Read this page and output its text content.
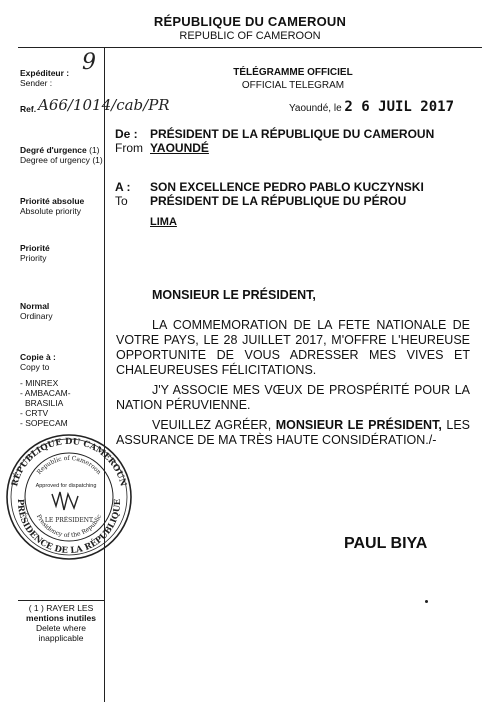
RÉPUBLIQUE DU CAMEROUN
REPUBLIC OF CAMEROON
Expéditeur : 9
Sender :
Ref. A66/1014/cab/PR
Degré d'urgence (1)
Degree of urgency (1)
Priorité absolue
Absolute priority
Priorité
Priority
Normal
Ordinary
Copie à :
Copy to
- MINREX
- AMBACAM-
BRASILIA
- CRTV
- SOPECAM
RÉPUBLIQUE DU CAMEROUN
PRÉSIDENCE DE LA RÉPUBLIQUE
Republic of Cameroon
Presidency of the Republic
Approved for dispatching
LE PRÉSIDENT
( 1 ) RAYER LES
mentions inutiles
Delete where
inapplicable
TÉLÉGRAMME OFFICIEL
OFFICIAL TELEGRAM
Yaoundé, le 2 6 JUIL 2017
De :
From
PRÉSIDENT DE LA RÉPUBLIQUE DU CAMEROUN
YAOUNDÉ
A :
To
SON EXCELLENCE PEDRO PABLO KUCZYNSKI
PRÉSIDENT DE LA RÉPUBLIQUE DU PÉROU
LIMA
MONSIEUR LE PRÉSIDENT,
LA COMMEMORATION DE LA FETE NATIONALE DE VOTRE PAYS, LE 28 JUILLET 2017, M'OFFRE L'HEUREUSE OPPORTUNITE DE VOUS ADRESSER MES VIVES ET CHALEUREUSES FÉLICITATIONS.
J'Y ASSOCIE MES VŒUX DE PROSPÉRITÉ POUR LA NATION PÉRUVIENNE.
VEUILLEZ AGRÉER, MONSIEUR LE PRÉSIDENT, LES ASSURANCE DE MA TRÈS HAUTE CONSIDÉRATION./-
PAUL BIYA
